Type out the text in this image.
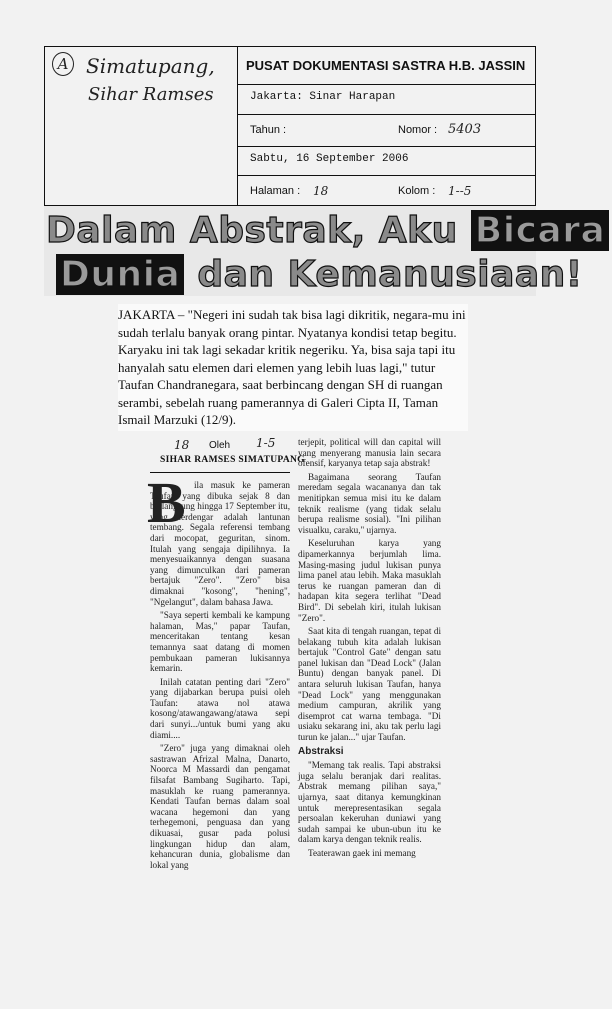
A Simatupang,
Sihar Ramses
PUSAT DOKUMENTASI SASTRA H.B. JASSIN
Jakarta: Sinar Harapan
Tahun :	Nomor : 5403
Sabtu, 16 September 2006
Halaman : 18	Kolom : 1--5
Dalam Abstrak, Aku Bicara
Dunia dan Kemanusiaan!
JAKARTA – "Negeri ini sudah tak bisa lagi dikritik, negara-mu ini sudah terlalu banyak orang pintar. Nyatanya kondisi tetap begitu. Karyaku ini tak lagi sekadar kritik negeriku. Ya, bisa saja tapi itu hanyalah satu elemen dari elemen yang lebih luas lagi," tutur Taufan Chandranegara, saat berbincang dengan SH di ruangan serambi, sebelah ruang pamerannya di Galeri Cipta II, Taman Ismail Marzuki (12/9).
18 Oleh 1-5
SIHAR RAMSES SIMATUPANG
B ila masuk ke pameran Taufan yang dibuka sejak 8 dan berlangsung hingga 17 September itu, yang terdengar adalah lantunan tembang. Segala referensi tembang dari mocopat, geguritan, sinom. Itulah yang sengaja dipilihnya. Ia menyesuaikannya dengan suasana yang dimunculkan dari pameran bertajuk "Zero". "Zero" bisa dimaknai "kosong", "hening", "Ngelangut", dalam bahasa Jawa.

"Saya seperti kembali ke kampung halaman, Mas," papar Taufan, menceritakan tentang kesan temannya saat datang di momen pembukaan pameran lukisannya kemarin.

Inilah catatan penting dari "Zero" yang dijabarkan berupa puisi oleh Taufan: atawa nol atawa kosong/atawangawang/atawa sepi dari sunyi.../untuk bumi yang aku diami....

"Zero" juga yang dimaknai oleh sastrawan Afrizal Malna, Danarto, Noorca M Massardi dan pengamat filsafat Bambang Sugiharto. Tapi, masuklah ke ruang pamerannya. Kendati Taufan bernas dalam soal wacana hegemoni dan yang terhegemoni, penguasa dan yang dikuasai, gusar pada polusi lingkungan hidup dan alam, kehancuran dunia, globalisme dan lokal yang

terjepit, political will dan capital will yang menyerang manusia lain secara ofensif, karyanya tetap saja abstrak!

Bagaimana seorang Taufan meredam segala wacananya dan tak menitipkan semua misi itu ke dalam teknik realisme (yang tidak selalu berupa realisme sosial). "Ini pilihan visualku, caraku," ujarnya.

Keseluruhan karya yang dipamerkannya berjumlah lima. Masing-masing judul lukisan punya lima panel atau lebih. Maka masuklah terus ke ruangan pameran dan di hadapan kita segera terlihat "Dead Bird". Di sebelah kiri, itulah lukisan "Zero".

Saat kita di tengah ruangan, tepat di belakang tubuh kita adalah lukisan bertajuk "Control Gate" dengan satu panel lukisan dan "Dead Lock" (Jalan Buntu) dengan banyak panel. Di antara seluruh lukisan Taufan, hanya "Dead Lock" yang menggunakan medium campuran, akrilik yang disemprot cat warna tembaga. "Di usiaku sekarang ini, aku tak perlu lagi turun ke jalan..." ujar Taufan.

Abstraksi

"Memang tak realis. Tapi abstraksi juga selalu beranjak dari realitas. Abstrak memang pilihan saya," ujarnya, saat ditanya kemungkinan untuk merepresentasikan segala persoalan kekeruhan duniawi yang sudah sampai ke ubun-ubun itu ke dalam karya dengan teknik realis.

Teaterawan gaek ini memang
